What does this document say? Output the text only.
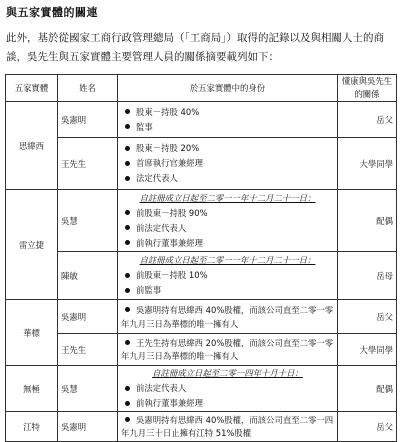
與五家實體的關連
此外，基於從國家工商行政管理總局（「工商局」）取得的記錄以及與相關人士的商談，吳先生與五家實體主要管理人員的關係摘要載列如下：
五家實體	姓名	於五家實體中的身份	懂康與吳先生的關係
思緯西	吳憲明	股東－持股 40%
監事	岳父
	王先生	股東－持股 20%
首席執行官兼經理
法定代表人	大學同學
雷立捷	吳慧	自註冊成立日起至二零一一年十二月二十一日：
前股東－持股 90%
前法定代表人
前執行董事兼經理	配偶
	陳敏	自註冊成立日起至二零一一年十二月二十一日：
前股東－持股 10%
前監事	岳母
華標	吳憲明	吳憲明持有思緯西 40%股權，而該公司直至二零一零年九月三日為華標的唯一擁有人	岳父
	王先生	王先生持有思緯西 20%股權，而該公司直至二零一零年九月三日為華標的唯一擁有人	大學同學
無極	吳慧	自註冊成立日起至二零一四年十月十日：
前法定代表人
前執行董事兼經理	配偶
江特	吳憲明	吳憲明持有思緯西 40%股權，而該公司直至二零一四年九月三十日止擁有江特 51%股權	岳父
